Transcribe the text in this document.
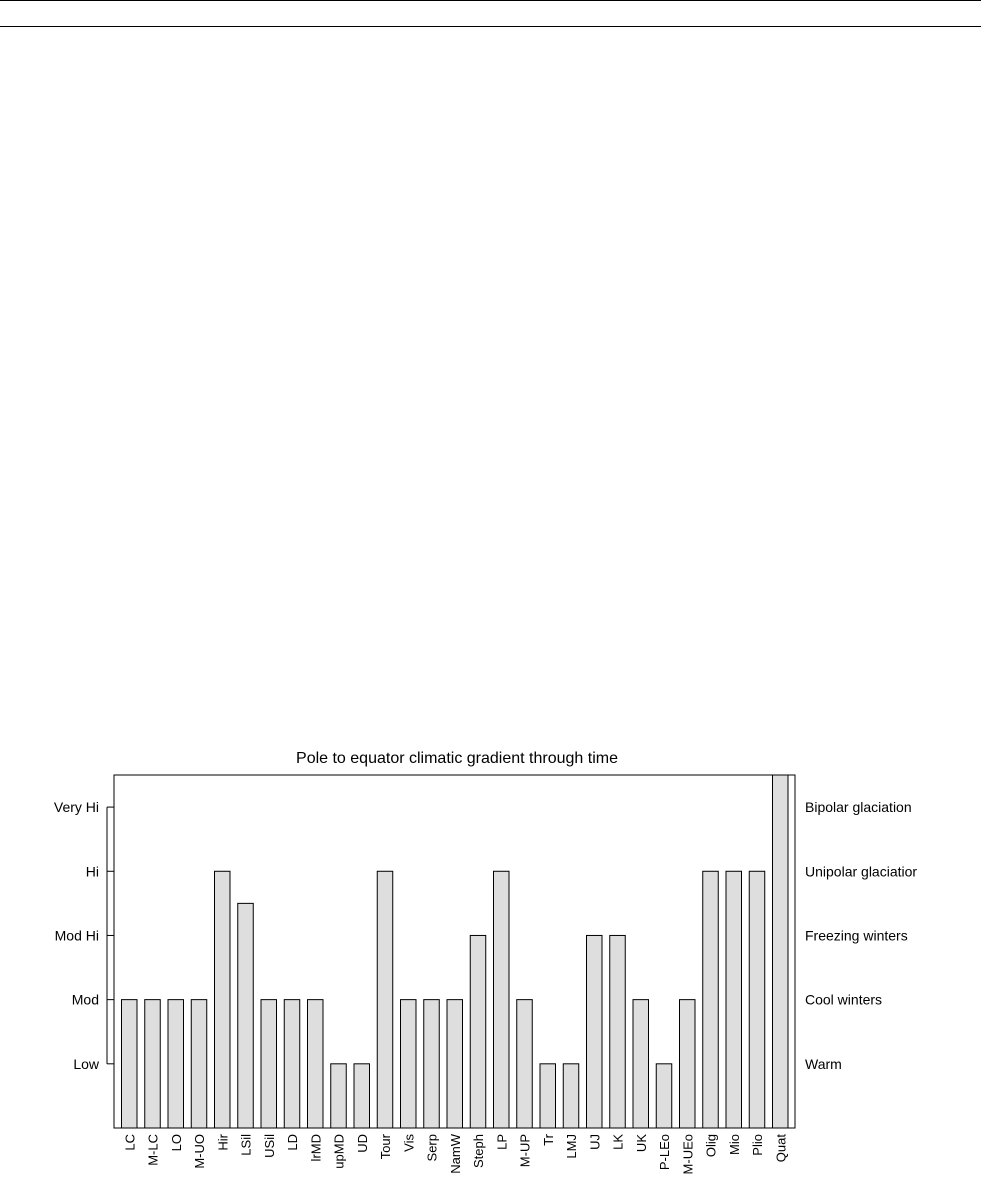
Pole to equator climatic gradient through time
Low
Mod
Mod Hi
Hi
Very Hi
Warm
Cool winters
Freezing winters
Unipolar glaciatior
Bipolar glaciation
LC M-LC LO M-UO Hir LSil USil LD lrMD upMD UD Tour Vis Serp NamW Steph LP M-UP Tr LMJ UJ LK UK P-LEo M-UEo Olig Mio Plio Quat
